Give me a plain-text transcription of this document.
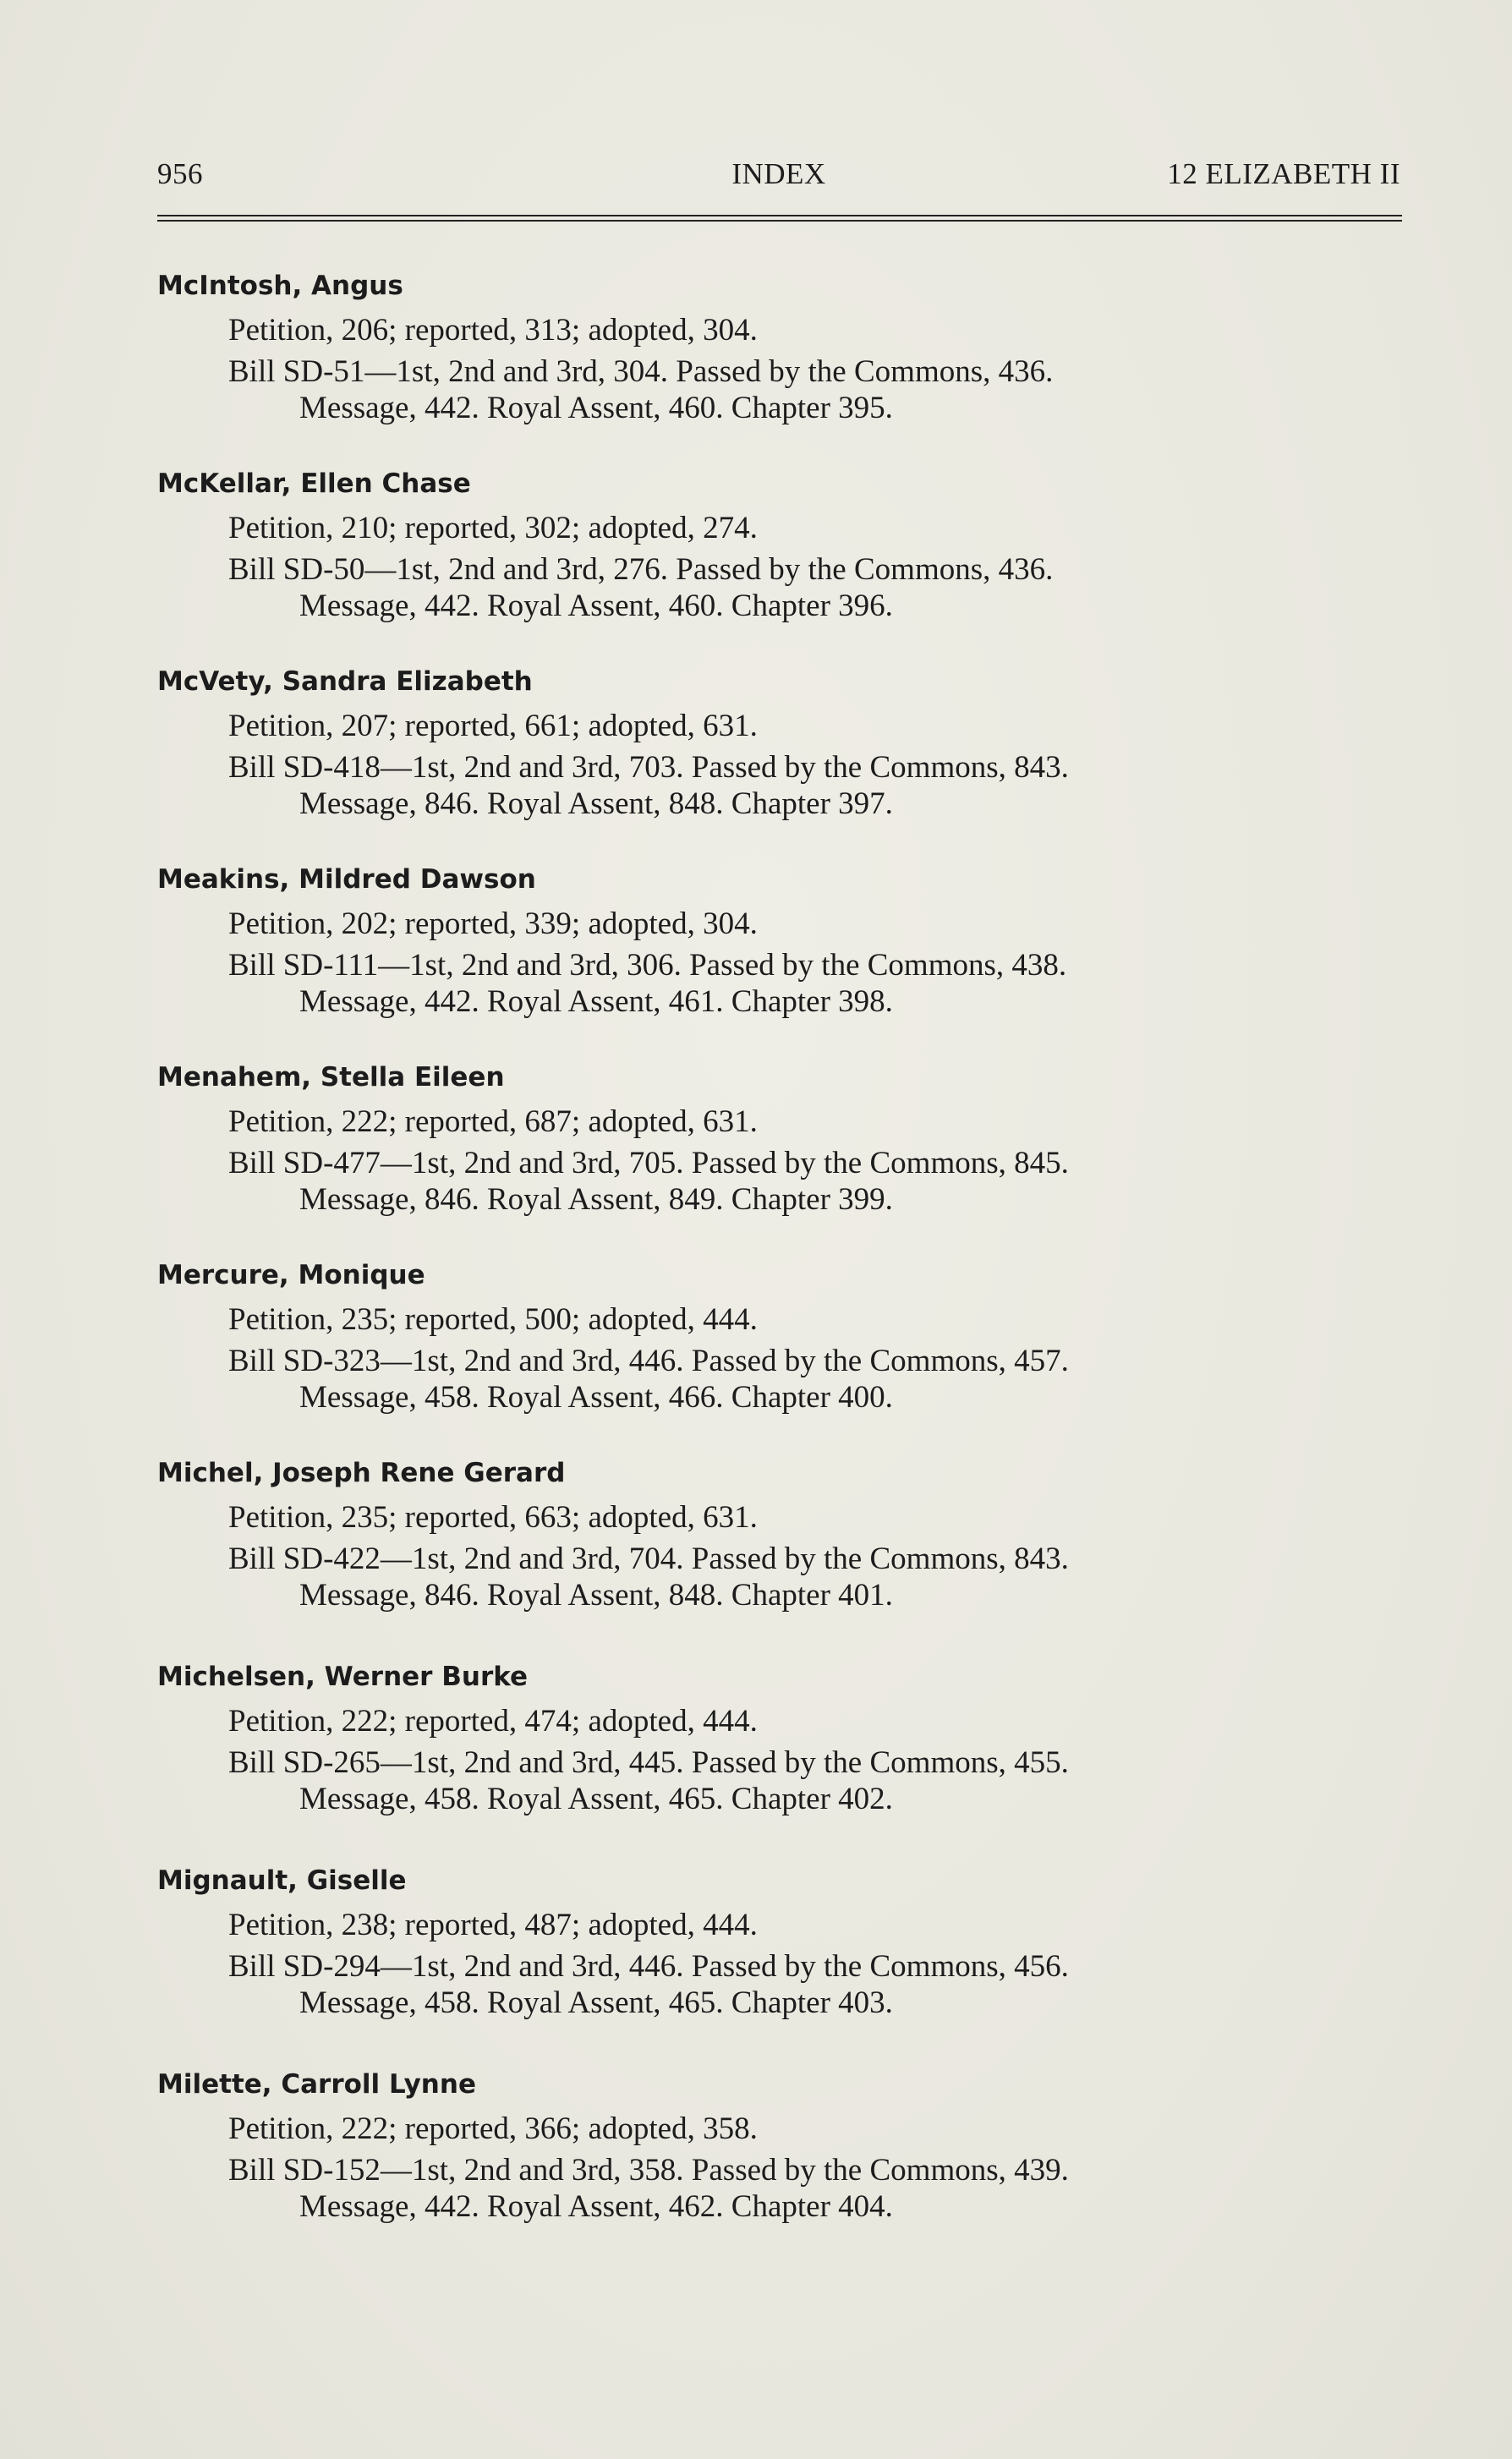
956	INDEX	12 ELIZABETH II
McIntosh, Angus
Petition, 206; reported, 313; adopted, 304.
Bill SD-51—1st, 2nd and 3rd, 304. Passed by the Commons, 436.
Message, 442. Royal Assent, 460. Chapter 395.
McKellar, Ellen Chase
Petition, 210; reported, 302; adopted, 274.
Bill SD-50—1st, 2nd and 3rd, 276. Passed by the Commons, 436.
Message, 442. Royal Assent, 460. Chapter 396.
McVety, Sandra Elizabeth
Petition, 207; reported, 661; adopted, 631.
Bill SD-418—1st, 2nd and 3rd, 703. Passed by the Commons, 843.
Message, 846. Royal Assent, 848. Chapter 397.
Meakins, Mildred Dawson
Petition, 202; reported, 339; adopted, 304.
Bill SD-111—1st, 2nd and 3rd, 306. Passed by the Commons, 438.
Message, 442. Royal Assent, 461. Chapter 398.
Menahem, Stella Eileen
Petition, 222; reported, 687; adopted, 631.
Bill SD-477—1st, 2nd and 3rd, 705. Passed by the Commons, 845.
Message, 846. Royal Assent, 849. Chapter 399.
Mercure, Monique
Petition, 235; reported, 500; adopted, 444.
Bill SD-323—1st, 2nd and 3rd, 446. Passed by the Commons, 457.
Message, 458. Royal Assent, 466. Chapter 400.
Michel, Joseph Rene Gerard
Petition, 235; reported, 663; adopted, 631.
Bill SD-422—1st, 2nd and 3rd, 704. Passed by the Commons, 843.
Message, 846. Royal Assent, 848. Chapter 401.
Michelsen, Werner Burke
Petition, 222; reported, 474; adopted, 444.
Bill SD-265—1st, 2nd and 3rd, 445. Passed by the Commons, 455.
Message, 458. Royal Assent, 465. Chapter 402.
Mignault, Giselle
Petition, 238; reported, 487; adopted, 444.
Bill SD-294—1st, 2nd and 3rd, 446. Passed by the Commons, 456.
Message, 458. Royal Assent, 465. Chapter 403.
Milette, Carroll Lynne
Petition, 222; reported, 366; adopted, 358.
Bill SD-152—1st, 2nd and 3rd, 358. Passed by the Commons, 439.
Message, 442. Royal Assent, 462. Chapter 404.
